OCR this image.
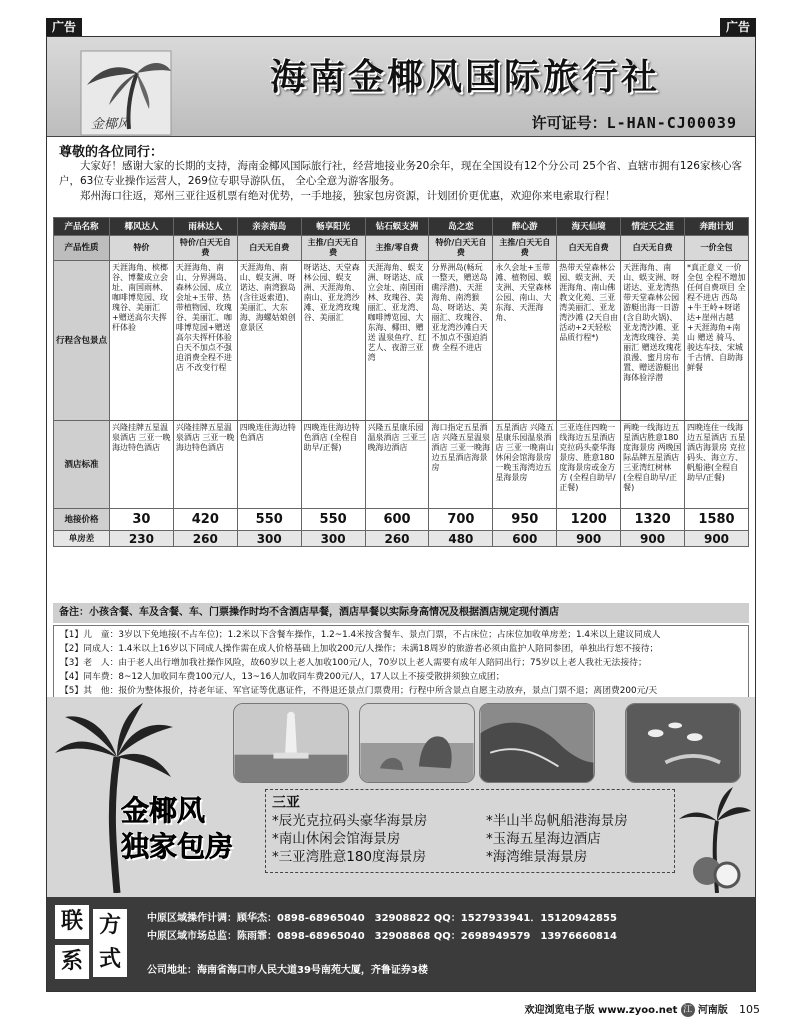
广告	广告
金椰风
海南金椰风国际旅行社
许可证号：L-HAN-CJ00039
尊敬的各位同行：

大家好！感谢大家的长期的支持，海南金椰风国际旅行社，经营地接业务20余年，现在全国设有12个分公司 25个省、直辖市拥有126家核心客户，63位专业操作运营人，269位专职导游队伍， 全心全意为游客服务。

郑州海口往返，郑州三亚往返机票有绝对优势，一手地接，独家包房资源，计划团价更优惠，欢迎你来电索取行程！

产品名称	椰风达人	雨林达人	亲亲海岛	畅享阳光	钻石蜈支洲	岛之恋	醉心游	海天仙境	情定天之涯	奔跑计划
产品性质	特价	特价/白天无自费	白天无自费	主推/白天无自费	主推/零自费	特价/白天无自费	主推/白天无自费	白天无自费	白天无自费	一价全包
行程含包景点	天涯海角、槟榔谷、博鳌成立会址、南国雨林、咖啡博览园、玫瑰谷、美丽汇+赠送高尔夫挥杆体验	天涯海角、南山、分界洲岛、森林公园、成立会址+玉带、热带植物园、玫瑰谷、美丽汇、咖啡博览园+赠送高尔夫挥杆体验白天不加点不强迫消费全程不进店 不改变行程	天涯海角、南山、蜈支洲、呀诺达、南湾猴岛(含往返索道)、美丽汇、大东海、海螺姑娘创意景区	呀诺达、天堂森林公园、蜈支洲、天涯海角、南山、亚龙湾沙滩、亚龙湾玫瑰谷、美丽汇	天涯海角、蜈支洲、呀诺达、成立会址、南国雨林、玫瑰谷、美丽汇、亚龙湾、咖啡博览园、大东海、椰田、赠送 温泉鱼疗、红艺人、夜游三亚湾	分界洲岛(畅玩一整天，赠送岛礁浮潜)、天涯海角、南湾猴岛、呀诺达、美丽汇、玫瑰谷、亚龙湾沙滩白天不加点不强迫消费 全程不进店	永久会址+玉带滩、植物园、蜈支洲、天堂森林公园、南山、大东海、天涯海角、	热带天堂森林公园、蜈支洲、天涯海角、南山佛教文化苑、三亚湾美丽汇、亚龙湾沙滩 (2天自由活动+2天轻松品质行程*)	天涯海角、南山、蜈支洲、呀诺达、亚龙湾热带天堂森林公园 游艇出海一日游(含自助火锅)、亚龙湾沙滩、亚龙湾玫瑰谷、美丽汇 赠送玫瑰花浪漫、蜜月房布置、赠送游艇出海体验浮潜	*真正意义 一价全包 全程不增加任何自费项目 全程不进店 西岛+牛王岭+呀诺达+崖州古越+天涯海角+南山 赠送 骑马、骏达车技、宋城千古情、自助海鲜餐
酒店标准	兴隆挂牌五星温泉酒店 三亚一晚海边特色酒店	兴隆挂牌五星温泉酒店 三亚一晚海边特色酒店	四晚连住海边特色酒店	四晚连住海边特色酒店 (全程自助早/正餐)	兴隆五星康乐园温泉酒店 三亚三晚海边酒店	海口指定五星酒店 兴隆五星温泉酒店 三亚一晚海边五星酒店海景房	五星酒店 兴隆五星康乐园温泉酒店 三亚一晚南山休闲会馆海景房 一晚玉海湾边五星海景房	三亚连住四晚一线海边五星酒店克拉码头豪华海景房、胜意180度海景房或金方方 (全程自助早/正餐)	两晚一线海边五星酒店胜意180度海景房 两晚国际品牌五星酒店 三亚湾红树林 (全程自助早/正餐)	四晚连住一线海边五星酒店 五星酒店海景房 克拉码头、海立方、帆船港(全程自助早/正餐)
地接价格	30	420	550	550	600	700	950	1200	1320	1580
单房差	230	260	300	300	260	480	600	900	900	900
备注：小孩含餐、车及含餐、车、门票操作时均不含酒店早餐，酒店早餐以实际身高情况及根据酒店规定现付酒店
【1】儿　童：3岁以下免地接(不占车位)；1.2米以下含餐车操作，1.2~1.4米按含餐车、景点门票，不占床位；占床位加收单房差；1.4米以上建议同成人
【2】同成人：1.4米以上16岁以下同成人操作需在成人价格基础上加收200元/人操作；未满18周岁的旅游者必须由监护人陪同参团，单独出行恕不接待；
【3】老　人：由于老人出行增加我社操作风险，故60岁以上老人加收100元/人，70岁以上老人需要有成年人陪同出行；75岁以上老人我社无法接待；
【4】同车费：8~12人加收同车费100元/人，13~16人加收同车费200元/人，17人以上不接受散拼须独立成团；
【5】其　他：报价为整体报价，持老年证、军官证等优惠证件，不得退还景点门票费用；行程中所含景点自愿主动放弃，景点门票不退；离团费200元/天
金椰风
独家包房
三亚
*辰光克拉码头豪华海景房	*半山半岛帆船港海景房
*南山休闲会馆海景房	*玉海五星海边酒店
*三亚湾胜意180度海景房	*海湾维景海景房
联 方
系 式
中原区域操作计调：顾华杰：0898-68965040　32908822 QQ：1527933941．15120942855
中原区域市场总监：陈雨霏：0898-68965040　32908868 QQ：2698949579　13976660814
公司地址：海南省海口市人民大道39号南苑大厦，齐鲁证券3楼
欢迎浏览电子版 www.zyoo.net 江 河南版 105
